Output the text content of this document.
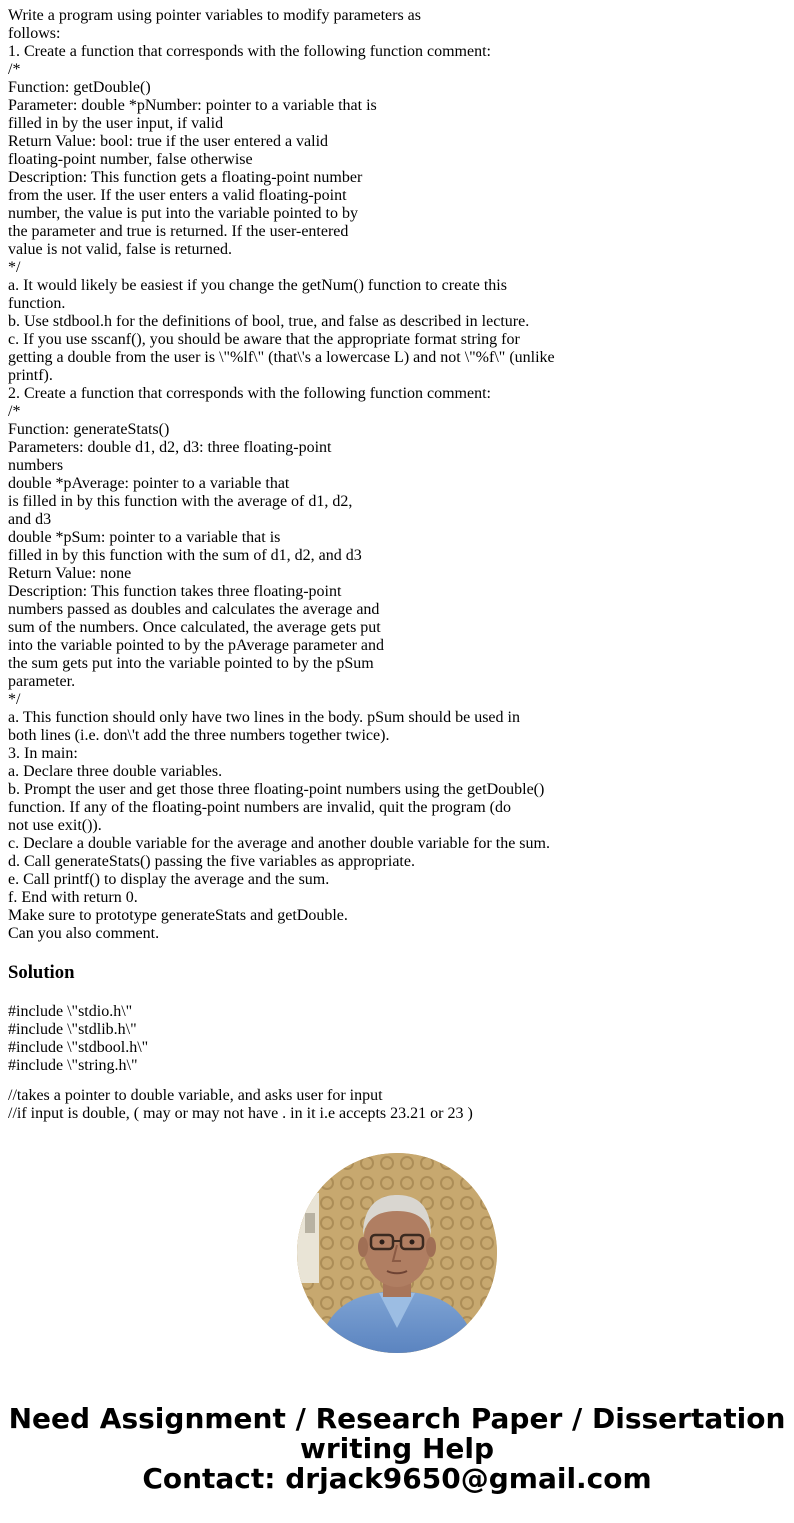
Write a program using pointer variables to modify parameters as
follows:
1. Create a function that corresponds with the following function comment:
/*
Function: getDouble()
Parameter: double *pNumber: pointer to a variable that is
filled in by the user input, if valid
Return Value: bool: true if the user entered a valid
floating-point number, false otherwise
Description: This function gets a floating-point number
from the user. If the user enters a valid floating-point
number, the value is put into the variable pointed to by
the parameter and true is returned. If the user-entered
value is not valid, false is returned.
*/
a. It would likely be easiest if you change the getNum() function to create this
function.
b. Use stdbool.h for the definitions of bool, true, and false as described in lecture.
c. If you use sscanf(), you should be aware that the appropriate format string for
getting a double from the user is \"%lf\" (that\'s a lowercase L) and not \"%f\" (unlike
printf).
2. Create a function that corresponds with the following function comment:
/*
Function: generateStats()
Parameters: double d1, d2, d3: three floating-point
numbers
double *pAverage: pointer to a variable that
is filled in by this function with the average of d1, d2,
and d3
double *pSum: pointer to a variable that is
filled in by this function with the sum of d1, d2, and d3
Return Value: none
Description: This function takes three floating-point
numbers passed as doubles and calculates the average and
sum of the numbers. Once calculated, the average gets put
into the variable pointed to by the pAverage parameter and
the sum gets put into the variable pointed to by the pSum
parameter.
*/
a. This function should only have two lines in the body. pSum should be used in
both lines (i.e. don\'t add the three numbers together twice).
3. In main:
a. Declare three double variables.
b. Prompt the user and get those three floating-point numbers using the getDouble()
function. If any of the floating-point numbers are invalid, quit the program (do
not use exit()).
c. Declare a double variable for the average and another double variable for the sum.
d. Call generateStats() passing the five variables as appropriate.
e. Call printf() to display the average and the sum.
f. End with return 0.
Make sure to prototype generateStats and getDouble.
Can you also comment.
Solution
#include \"stdio.h\"
#include \"stdlib.h\"
#include \"stdbool.h\"
#include \"string.h\"
//takes a pointer to double variable, and asks user for input
//if input is double, ( may or may not have . in it i.e accepts 23.21 or 23 )
Need Assignment / Research Paper / Dissertation
writing Help
Contact: drjack9650@gmail.com
